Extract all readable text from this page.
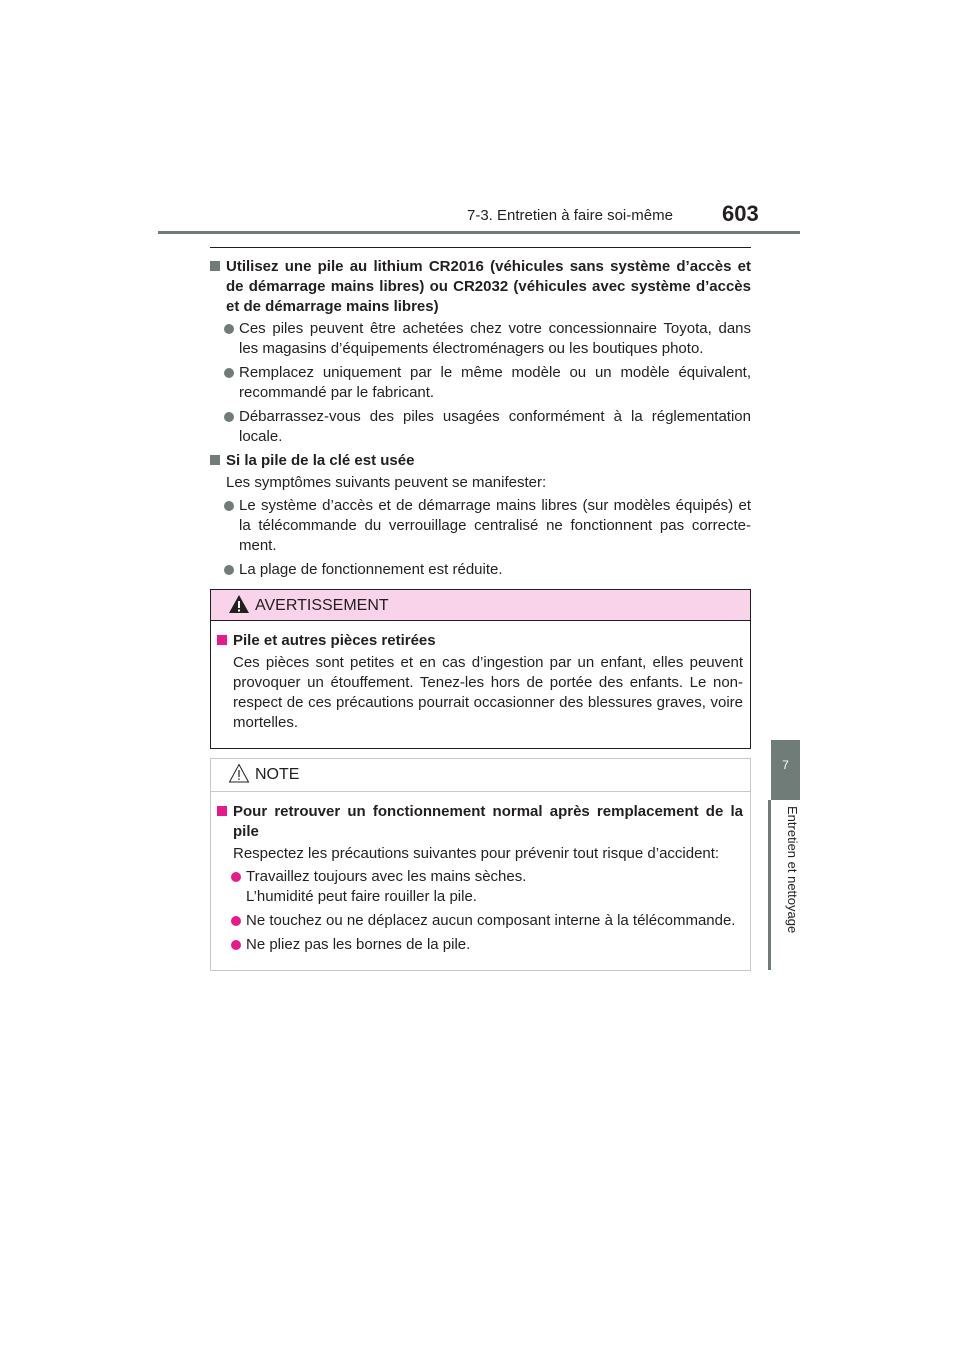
7-3. Entretien à faire soi-même 603
7
Entretien et nettoyage
Utilisez une pile au lithium CR2016 (véhicules sans système d’accès et de démarrage mains libres) ou CR2032 (véhicules avec système d’accès et de démarrage mains libres)
Ces piles peuvent être achetées chez votre concessionnaire Toyota, dans les magasins d’équipements électroménagers ou les boutiques photo.
Remplacez uniquement par le même modèle ou un modèle équivalent, recommandé par le fabricant.
Débarrassez-vous des piles usagées conformément à la réglementation locale.
Si la pile de la clé est usée
Les symptômes suivants peuvent se manifester:
Le système d’accès et de démarrage mains libres (sur modèles équipés) et la télécommande du verrouillage centralisé ne fonctionnent pas correcte-ment.
La plage de fonctionnement est réduite.
AVERTISSEMENT
Pile et autres pièces retirées
Ces pièces sont petites et en cas d’ingestion par un enfant, elles peuvent provoquer un étouffement. Tenez-les hors de portée des enfants. Le non-respect de ces précautions pourrait occasionner des blessures graves, voire mortelles.
NOTE
Pour retrouver un fonctionnement normal après remplacement de la pile
Respectez les précautions suivantes pour prévenir tout risque d’accident:
Travaillez toujours avec les mains sèches.
L’humidité peut faire rouiller la pile.
Ne touchez ou ne déplacez aucun composant interne à la télécommande.
Ne pliez pas les bornes de la pile.
